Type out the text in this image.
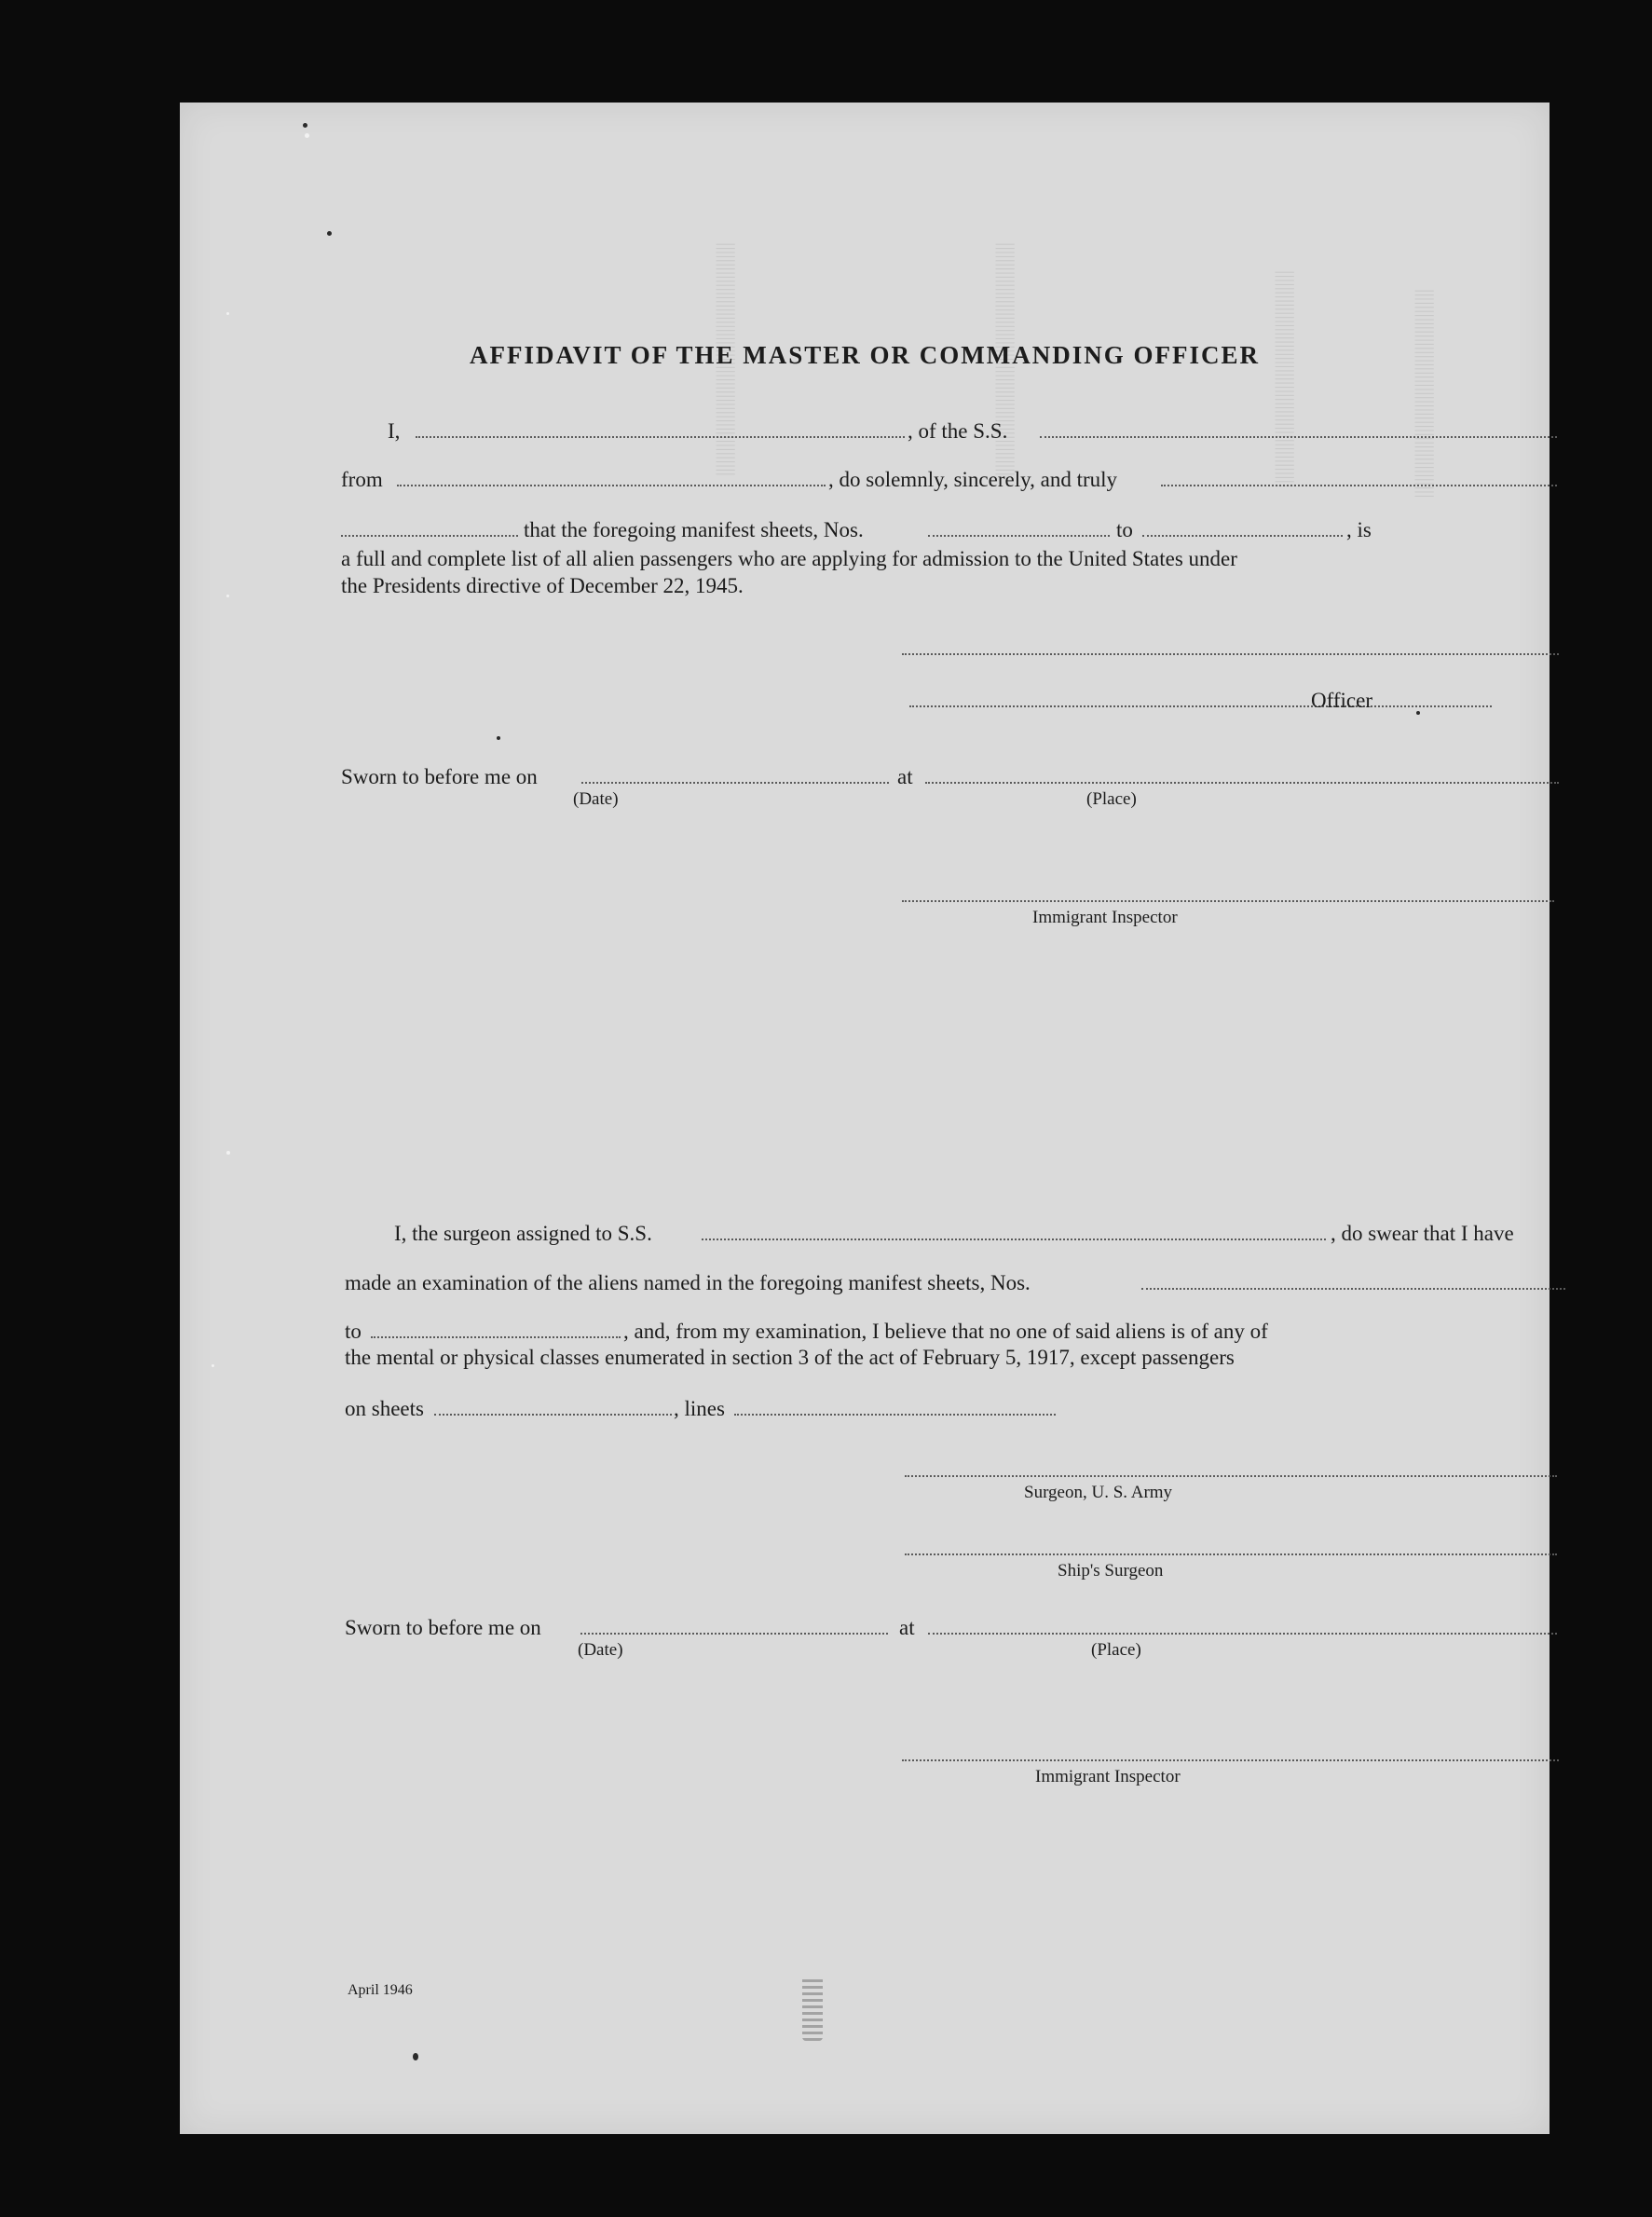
|||||||||||||||||||||||||||||||||||||||||||||||||||
|||||||||||||||||||||||||||||||||||||||||||||||||||||
|||||||||||||||||||||||||||||||||||||||||||||||||||||||||
|||||||||||||||||||||||||||||||||||||||||||||||||||||||||
AFFIDAVIT OF THE MASTER OR COMMANDING OFFICER
I,	, of the S.S.
from	, do solemnly, sincerely, and truly
that the foregoing manifest sheets, Nos.	to	, is
a full and complete list of all alien passengers who are applying for admission to the United States under
the Presidents directive of December 22, 1945.
Officer
Sworn to before me on	at
(Date)	(Place)
Immigrant Inspector
I, the surgeon assigned to S.S.	, do swear that I have
made an examination of the aliens named in the foregoing manifest sheets, Nos.
to	, and, from my examination, I believe that no one of said aliens is of any of
the mental or physical classes enumerated in section 3 of the act of February 5, 1917, except passengers
on sheets	, lines
Surgeon, U. S. Army
Ship's Surgeon
Sworn to before me on	at
(Date)	(Place)
Immigrant Inspector
April 1946
